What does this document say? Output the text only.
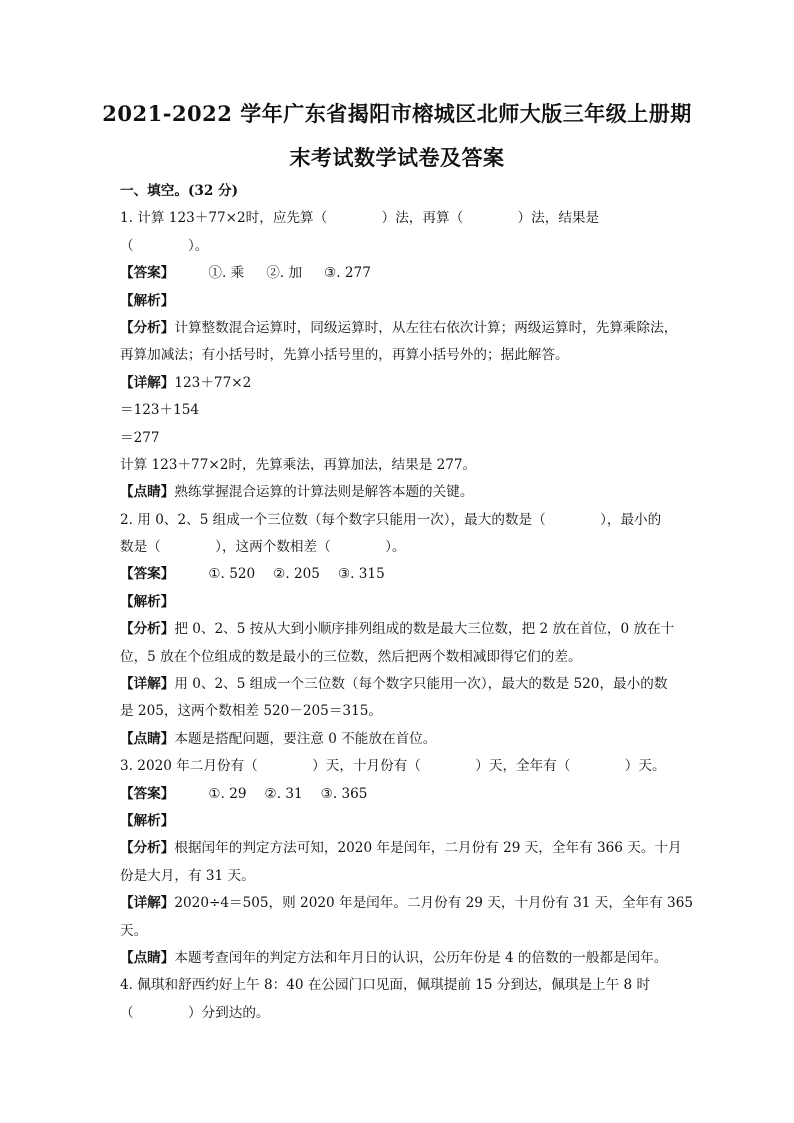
2021-2022 学年广东省揭阳市榕城区北师大版三年级上册期
末考试数学试卷及答案
一、填空。(32 分)
1. 计算 123＋77×2时，应先算（　　　　）法，再算（　　　　）法，结果是
（　　　　）。
【答案】	①. 乘 ②. 加 ③. 277
【解析】
【分析】计算整数混合运算时，同级运算时，从左往右依次计算；两级运算时，先算乘除法，
再算加减法；有小括号时，先算小括号里的，再算小括号外的；据此解答。
【详解】123＋77×2
＝123＋154
＝277
计算 123＋77×2时，先算乘法，再算加法，结果是 277。
【点睛】熟练掌握混合运算的计算法则是解答本题的关键。
2. 用 0、2、5 组成一个三位数（每个数字只能用一次），最大的数是（　　　　），最小的
数是（　　　　），这两个数相差（　　　　）。
【答案】	①. 520 ②. 205 ③. 315
【解析】
【分析】把 0、2、5 按从大到小顺序排列组成的数是最大三位数，把 2 放在首位，0 放在十
位，5 放在个位组成的数是最小的三位数，然后把两个数相减即得它们的差。
【详解】用 0、2、5 组成一个三位数（每个数字只能用一次），最大的数是 520，最小的数
是 205，这两个数相差 520－205＝315。
【点睛】本题是搭配问题，要注意 0 不能放在首位。
3. 2020 年二月份有（　　　　）天，十月份有（　　　　）天，全年有（　　　　）天。
【答案】	①. 29 ②. 31 ③. 365
【解析】
【分析】根据闰年的判定方法可知，2020 年是闰年，二月份有 29 天，全年有 366 天。十月
份是大月，有 31 天。
【详解】2020÷4＝505，则 2020 年是闰年。二月份有 29 天，十月份有 31 天，全年有 365
天。
【点睛】本题考查闰年的判定方法和年月日的认识，公历年份是 4 的倍数的一般都是闰年。
4. 佩琪和舒西约好上午 8：40 在公园门口见面，佩琪提前 15 分到达，佩琪是上午 8 时
（　　　　）分到达的。
